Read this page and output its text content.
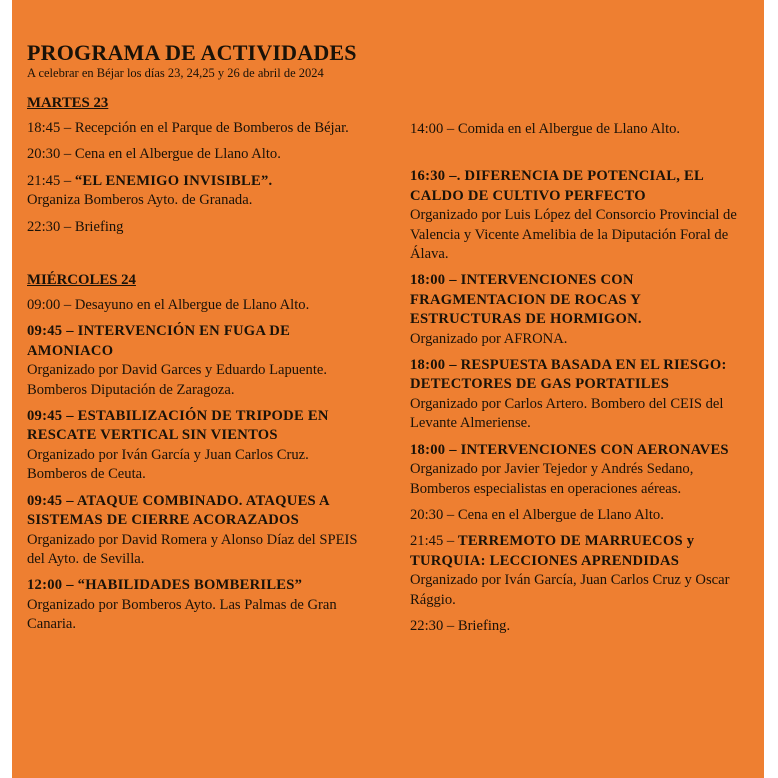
PROGRAMA DE ACTIVIDADES
A celebrar en Béjar los días 23, 24,25 y 26 de abril de 2024
MARTES 23
18:45 – Recepción en el Parque de Bomberos de Béjar.
20:30 – Cena en el Albergue de Llano Alto.
21:45 – “EL ENEMIGO INVISIBLE”.
Organiza Bomberos Ayto. de Granada.
22:30 – Briefing
MIÉRCOLES 24
09:00 – Desayuno en el Albergue de Llano Alto.
09:45 – INTERVENCIÓN EN FUGA DE AMONIACO
Organizado por David Garces y Eduardo Lapuente. Bomberos Diputación de Zaragoza.
09:45 – ESTABILIZACIÓN DE TRIPODE EN RESCATE VERTICAL SIN VIENTOS
Organizado por Iván García y Juan Carlos Cruz. Bomberos de Ceuta.
09:45 – ATAQUE COMBINADO. ATAQUES A SISTEMAS DE CIERRE ACORAZADOS
Organizado por David Romera y Alonso Díaz del SPEIS del Ayto. de Sevilla.
12:00 – “HABILIDADES BOMBERILES”
Organizado por Bomberos Ayto. Las Palmas de Gran Canaria.
14:00 – Comida en el Albergue de Llano Alto.
16:30 –. DIFERENCIA DE POTENCIAL, EL CALDO DE CULTIVO PERFECTO
Organizado por Luis López del Consorcio Provincial de Valencia y Vicente Amelibia de la Diputación Foral de Álava.
18:00 – INTERVENCIONES CON FRAGMENTACION DE ROCAS Y ESTRUCTURAS DE HORMIGON.
Organizado por AFRONA.
18:00 – RESPUESTA BASADA EN EL RIESGO: DETECTORES DE GAS PORTATILES
Organizado por Carlos Artero. Bombero del CEIS del Levante Almeriense.
18:00 – INTERVENCIONES CON AERONAVES
Organizado por Javier Tejedor y Andrés Sedano, Bomberos especialistas en operaciones aéreas.
20:30 – Cena en el Albergue de Llano Alto.
21:45 – TERREMOTO DE MARRUECOS y TURQUIA: LECCIONES APRENDIDAS
Organizado por Iván García, Juan Carlos Cruz y Oscar Rággio.
22:30 – Briefing.
